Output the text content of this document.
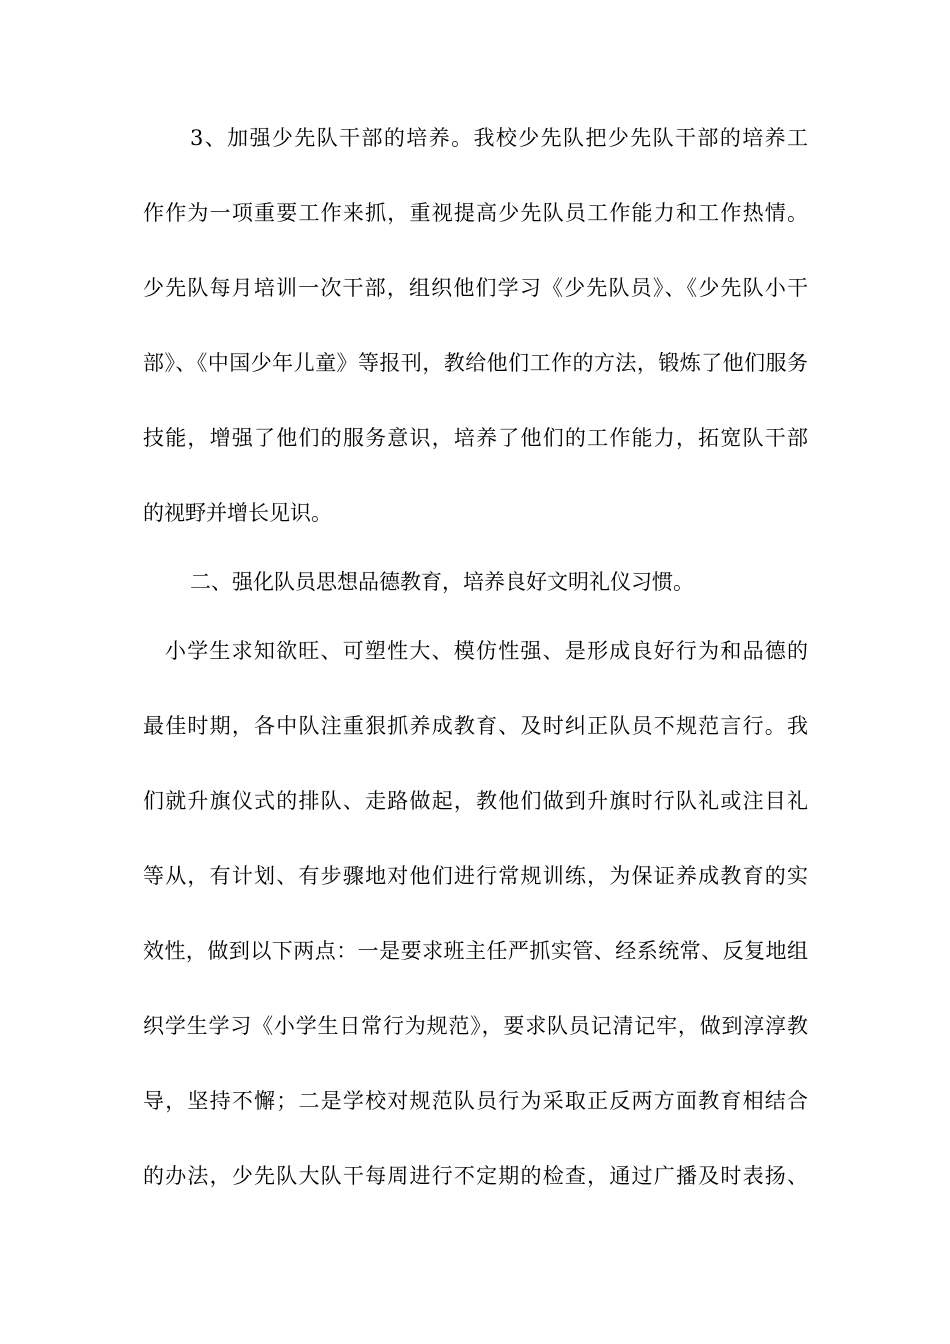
3、加强少先队干部的培养。我校少先队把少先队干部的培养工
作作为一项重要工作来抓，重视提高少先队员工作能力和工作热情。
少先队每月培训一次干部，组织他们学习《少先队员》、《少先队小干
部》、《中国少年儿童》等报刊，教给他们工作的方法，锻炼了他们服务
技能，增强了他们的服务意识，培养了他们的工作能力，拓宽队干部
的视野并增长见识。
二、强化队员思想品德教育，培养良好文明礼仪习惯。
小学生求知欲旺、可塑性大、模仿性强、是形成良好行为和品德的
最佳时期，各中队注重狠抓养成教育、及时纠正队员不规范言行。我
们就升旗仪式的排队、走路做起，教他们做到升旗时行队礼或注目礼
等从，有计划、有步骤地对他们进行常规训练，为保证养成教育的实
效性，做到以下两点：一是要求班主任严抓实管、经系统常、反复地组
织学生学习《小学生日常行为规范》，要求队员记清记牢，做到淳淳教
导，坚持不懈；二是学校对规范队员行为采取正反两方面教育相结合
的办法，少先队大队干每周进行不定期的检查，通过广播及时表扬、
